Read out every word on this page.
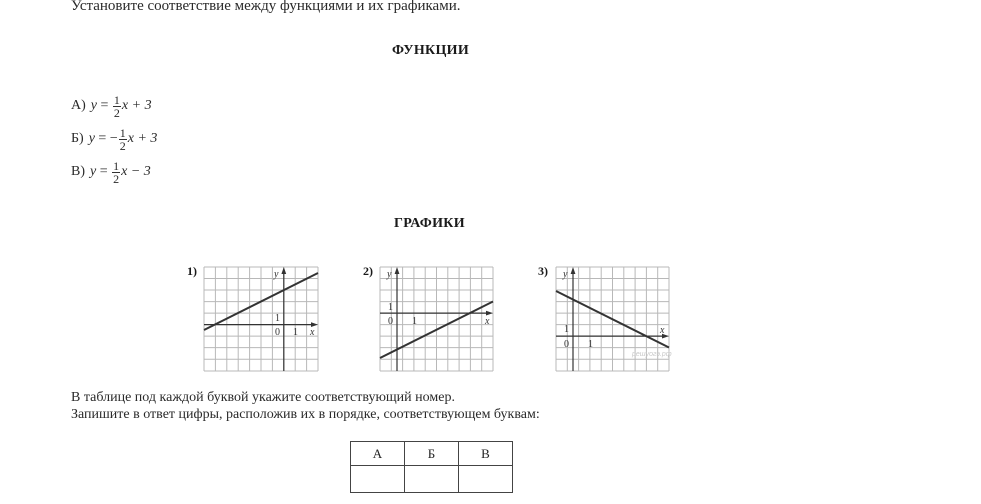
Установите соответствие между функциями и их графиками.
ФУНКЦИИ
А) $y = \frac{1}{2}$ x + 3
Б) y = − $\frac{1}{2}$ x + 3
В) $y = \frac{1}{2}$ x − 3
ГРАФИКИ
1)	y
x
0 1
1
2) y
x
0 1
1
3) y
x
0 1
1
решуогэ.рф
В таблице под каждой буквой укажите соответствующий номер.
Запишите в ответ цифры, расположив их в порядке, соответствующем буквам:
А	Б	В
